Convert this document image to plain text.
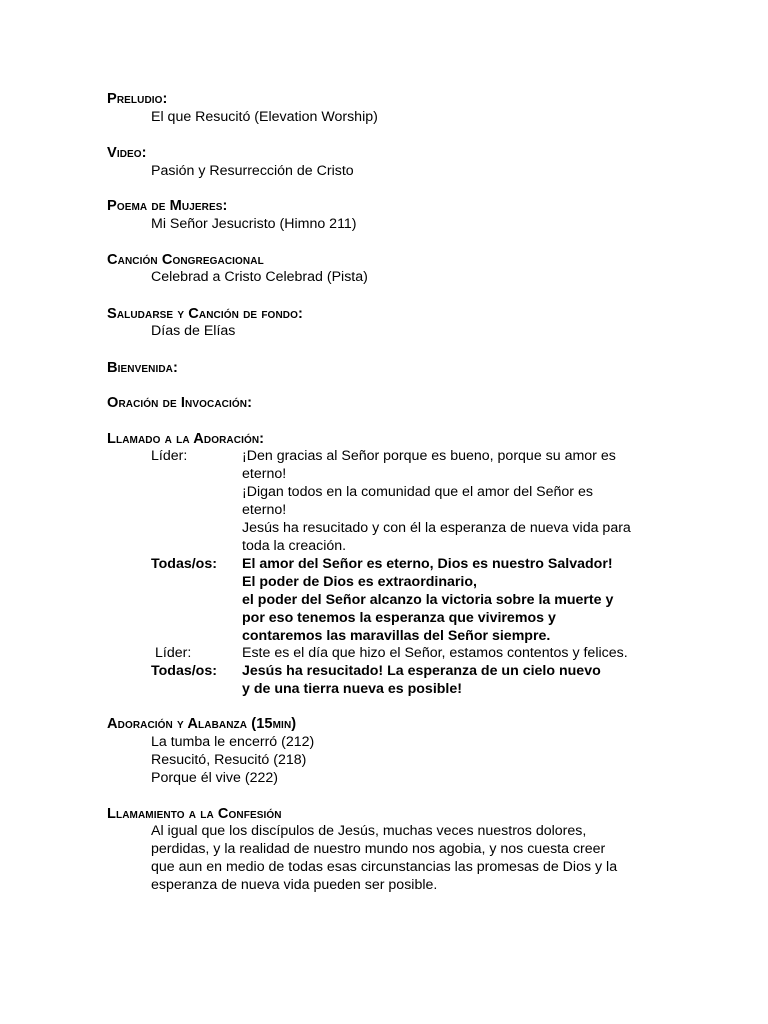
Preludio:
El que Resucitó (Elevation Worship)
Video:
Pasión y Resurrección de Cristo
Poema de Mujeres:
Mi Señor Jesucristo (Himno 211)
Canción Congregacional
Celebrad a Cristo Celebrad (Pista)
Saludarse y Canción de fondo:
Días de Elías
Bienvenida:
Oración de Invocación:
Llamado a la Adoración:
Líder:	¡Den gracias al Señor porque es bueno, porque su amor es

eterno!

¡Digan todos en la comunidad que el amor del Señor es

eterno!

Jesús ha resucitado y con él la esperanza de nueva vida para

toda la creación.

Todas/os: El amor del Señor es eterno, Dios es nuestro Salvador!

El poder de Dios es extraordinario,

el poder del Señor alcanzo la victoria sobre la muerte y

por eso tenemos la esperanza que viviremos y

contaremos las maravillas del Señor siempre.

Líder:	Este es el día que hizo el Señor, estamos contentos y felices.

Todas/os: Jesús ha resucitado! La esperanza de un cielo nuevo

y de una tierra nueva es posible!

Adoración y Alabanza (15min)

La tumba le encerró (212)

Resucitó, Resucitó (218)

Porque él vive (222)

Llamamiento a la Confesión

Al igual que los discípulos de Jesús, muchas veces nuestros dolores,

perdidas, y la realidad de nuestro mundo nos agobia, y nos cuesta creer

que aun en medio de todas esas circunstancias las promesas de Dios y la

esperanza de nueva vida pueden ser posible.
